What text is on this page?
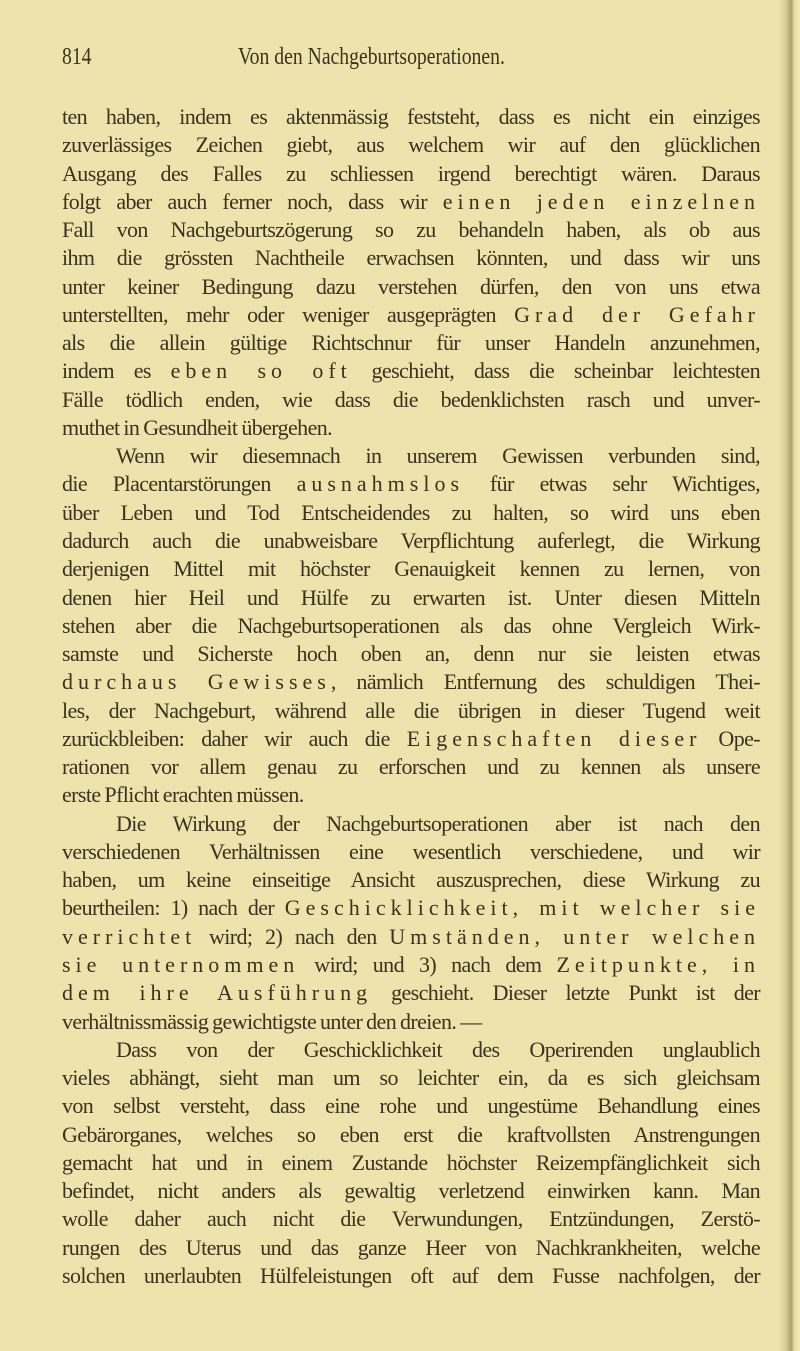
814	Von den Nachgeburtsoperationen.
ten haben, indem es aktenmässig feststeht, dass es nicht ein einziges
zuverlässiges Zeichen giebt, aus welchem wir auf den glücklichen
Ausgang des Falles zu schliessen irgend berechtigt wären. Daraus
folgt aber auch ferner noch, dass wir einen jeden einzelnen
Fall von Nachgeburtszögerung so zu behandeln haben, als ob aus
ihm die grössten Nachtheile erwachsen könnten, und dass wir uns
unter keiner Bedingung dazu verstehen dürfen, den von uns etwa
unterstellten, mehr oder weniger ausgeprägten Grad der Gefahr
als die allein gültige Richtschnur für unser Handeln anzunehmen,
indem es eben so oft geschieht, dass die scheinbar leichtesten
Fälle tödlich enden, wie dass die bedenklichsten rasch und unver-
muthet in Gesundheit übergehen.
Wenn wir diesemnach in unserem Gewissen verbunden sind,
die Placentarstörungen ausnahmslos für etwas sehr Wichtiges,
über Leben und Tod Entscheidendes zu halten, so wird uns eben
dadurch auch die unabweisbare Verpflichtung auferlegt, die Wirkung
derjenigen Mittel mit höchster Genauigkeit kennen zu lernen, von
denen hier Heil und Hülfe zu erwarten ist. Unter diesen Mitteln
stehen aber die Nachgeburtsoperationen als das ohne Vergleich Wirk-
samste und Sicherste hoch oben an, denn nur sie leisten etwas
durchaus Gewisses, nämlich Entfernung des schuldigen Thei-
les, der Nachgeburt, während alle die übrigen in dieser Tugend weit
zurückbleiben: daher wir auch die Eigenschaften dieser Ope-
rationen vor allem genau zu erforschen und zu kennen als unsere
erste Pflicht erachten müssen.
Die Wirkung der Nachgeburtsoperationen aber ist nach den
verschiedenen Verhältnissen eine wesentlich verschiedene, und wir
haben, um keine einseitige Ansicht auszusprechen, diese Wirkung zu
beurtheilen: 1) nach der Geschicklichkeit, mit welcher sie
verrichtet wird; 2) nach den Umständen, unter welchen
sie unternommen wird; und 3) nach dem Zeitpunkte, in
dem ihre Ausführung geschieht. Dieser letzte Punkt ist der
verhältnissmässig gewichtigste unter den dreien. —
Dass von der Geschicklichkeit des Operirenden unglaublich
vieles abhängt, sieht man um so leichter ein, da es sich gleichsam
von selbst versteht, dass eine rohe und ungestüme Behandlung eines
Gebärorganes, welches so eben erst die kraftvollsten Anstrengungen
gemacht hat und in einem Zustande höchster Reizempfänglichkeit sich
befindet, nicht anders als gewaltig verletzend einwirken kann. Man
wolle daher auch nicht die Verwundungen, Entzündungen, Zerstö-
rungen des Uterus und das ganze Heer von Nachkrankheiten, welche
solchen unerlaubten Hülfeleistungen oft auf dem Fusse nachfolgen, der
